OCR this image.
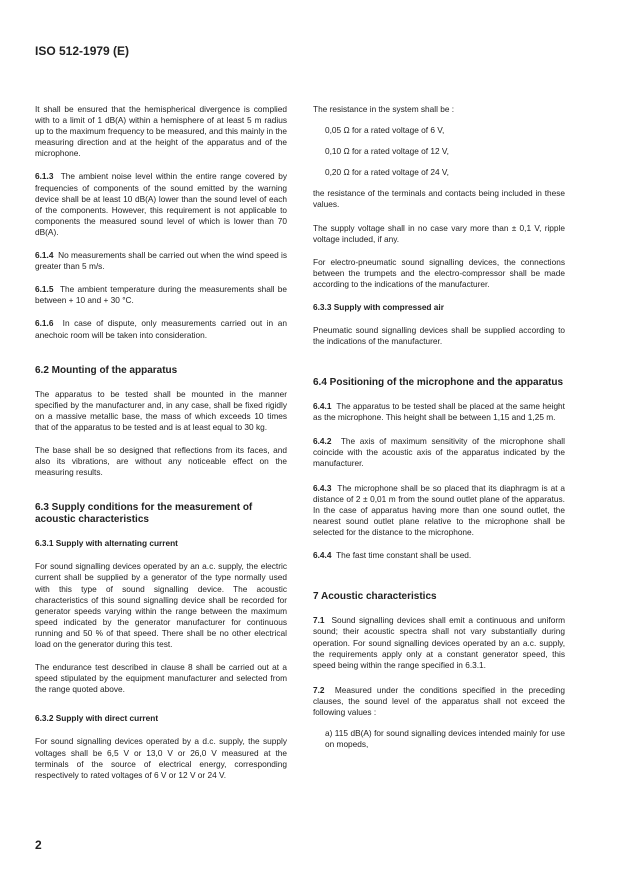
ISO 512-1979 (E)

It shall be ensured that the hemispherical divergence is complied with to a limit of 1 dB(A) within a hemisphere of at least 5 m radius up to the maximum frequency to be measured, and this mainly in the measuring direction and at the height of the apparatus and of the microphone.

6.1.3 The ambient noise level within the entire range covered by frequencies of components of the sound emitted by the warning device shall be at least 10 dB(A) lower than the sound level of each of the components. However, this requirement is not applicable to components the measured sound level of which is lower than 70 dB(A).

6.1.4 No measurements shall be carried out when the wind speed is greater than 5 m/s.

6.1.5 The ambient temperature during the measurements shall be between + 10 and + 30 °C.

6.1.6 In case of dispute, only measurements carried out in an anechoic room will be taken into consideration.

6.2 Mounting of the apparatus

The apparatus to be tested shall be mounted in the manner specified by the manufacturer and, in any case, shall be fixed rigidly on a massive metallic base, the mass of which exceeds 10 times that of the apparatus to be tested and is at least equal to 30 kg.

The base shall be so designed that reflections from its faces, and also its vibrations, are without any noticeable effect on the measuring results.

6.3 Supply conditions for the measurement of acoustic characteristics
6.3.1 Supply with alternating current

For sound signalling devices operated by an a.c. supply, the electric current shall be supplied by a generator of the type normally used with this type of sound signalling device. The acoustic characteristics of this sound signalling device shall be recorded for generator speeds varying within the range between the maximum speed indicated by the generator manufacturer for continuous running and 50 % of that speed. There shall be no other electrical load on the generator during this test.

The endurance test described in clause 8 shall be carried out at a speed stipulated by the equipment manufacturer and selected from the range quoted above.

6.3.2 Supply with direct current

For sound signalling devices operated by a d.c. supply, the supply voltages shall be 6,5 V or 13,0 V or 26,0 V measured at the terminals of the source of electrical energy, corresponding respectively to rated voltages of 6 V or 12 V or 24 V.

The resistance in the system shall be :

0,05 Ω for a rated voltage of 6 V,

0,10 Ω for a rated voltage of 12 V,

0,20 Ω for a rated voltage of 24 V,

the resistance of the terminals and contacts being included in these values.

The supply voltage shall in no case vary more than ± 0,1 V, ripple voltage included, if any.

For electro-pneumatic sound signalling devices, the connections between the trumpets and the electro-compressor shall be made according to the indications of the manufacturer.

6.3.3 Supply with compressed air

Pneumatic sound signalling devices shall be supplied according to the indications of the manufacturer.

6.4 Positioning of the microphone and the apparatus

6.4.1 The apparatus to be tested shall be placed at the same height as the microphone. This height shall be between 1,15 and 1,25 m.

6.4.2 The axis of maximum sensitivity of the microphone shall coincide with the acoustic axis of the apparatus indicated by the manufacturer.

6.4.3 The microphone shall be so placed that its diaphragm is at a distance of 2 ± 0,01 m from the sound outlet plane of the apparatus. In the case of apparatus having more than one sound outlet, the nearest sound outlet plane relative to the microphone shall be selected for the distance to the microphone.

6.4.4 The fast time constant shall be used.

7 Acoustic characteristics

7.1 Sound signalling devices shall emit a continuous and uniform sound; their acoustic spectra shall not vary substantially during operation. For sound signalling devices operated by an a.c. supply, the requirements apply only at a constant generator speed, this speed being within the range specified in 6.3.1.

7.2 Measured under the conditions specified in the preceding clauses, the sound level of the apparatus shall not exceed the following values :

a) 115 dB(A) for sound signalling devices intended mainly for use on mopeds,

2
